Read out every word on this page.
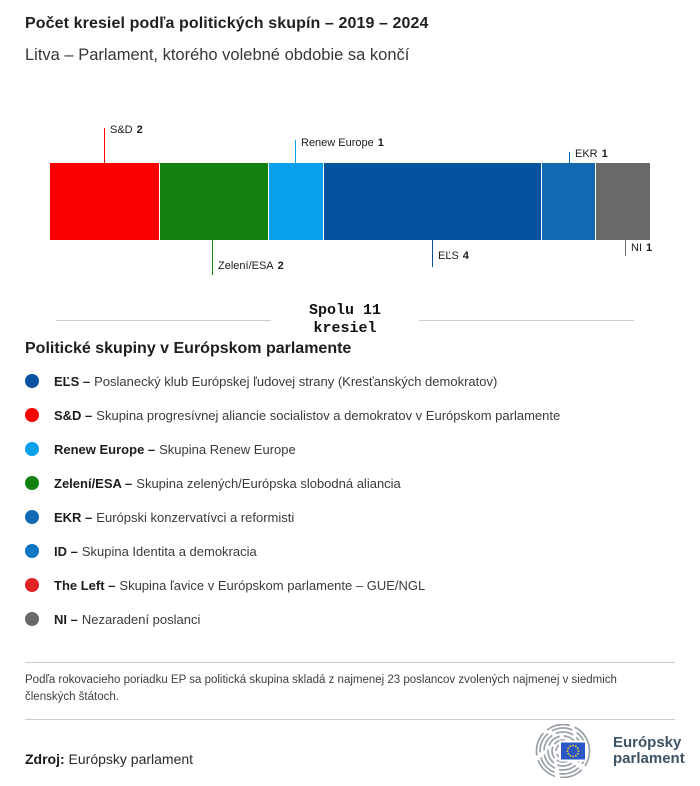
Počet kresiel podľa politických skupín – 2019 – 2024
Litva – Parlament, ktorého volebné obdobie sa končí
S&D 2
Renew Europe 1
EKR 1
Zelení/ESA 2
EĽS 4
NI 1
Spolu 11
kresiel
Politické skupiny v Európskom parlamente
EĽS – Poslanecký klub Európskej ľudovej strany (Kresťanských demokratov)
S&D – Skupina progresívnej aliancie socialistov a demokratov v Európskom parlamente
Renew Europe – Skupina Renew Europe
Zelení/ESA – Skupina zelených/Európska slobodná aliancia
EKR – Európski konzervatívci a reformisti
ID – Skupina Identita a demokracia
The Left – Skupina ľavice v Európskom parlamente – GUE/NGL
NI – Nezaradení poslanci
Podľa rokovacieho poriadku EP sa politická skupina skladá z najmenej 23 poslancov zvolených najmenej v siedmich členských štátoch.
Zdroj: Európsky parlament
Európsky
parlament
